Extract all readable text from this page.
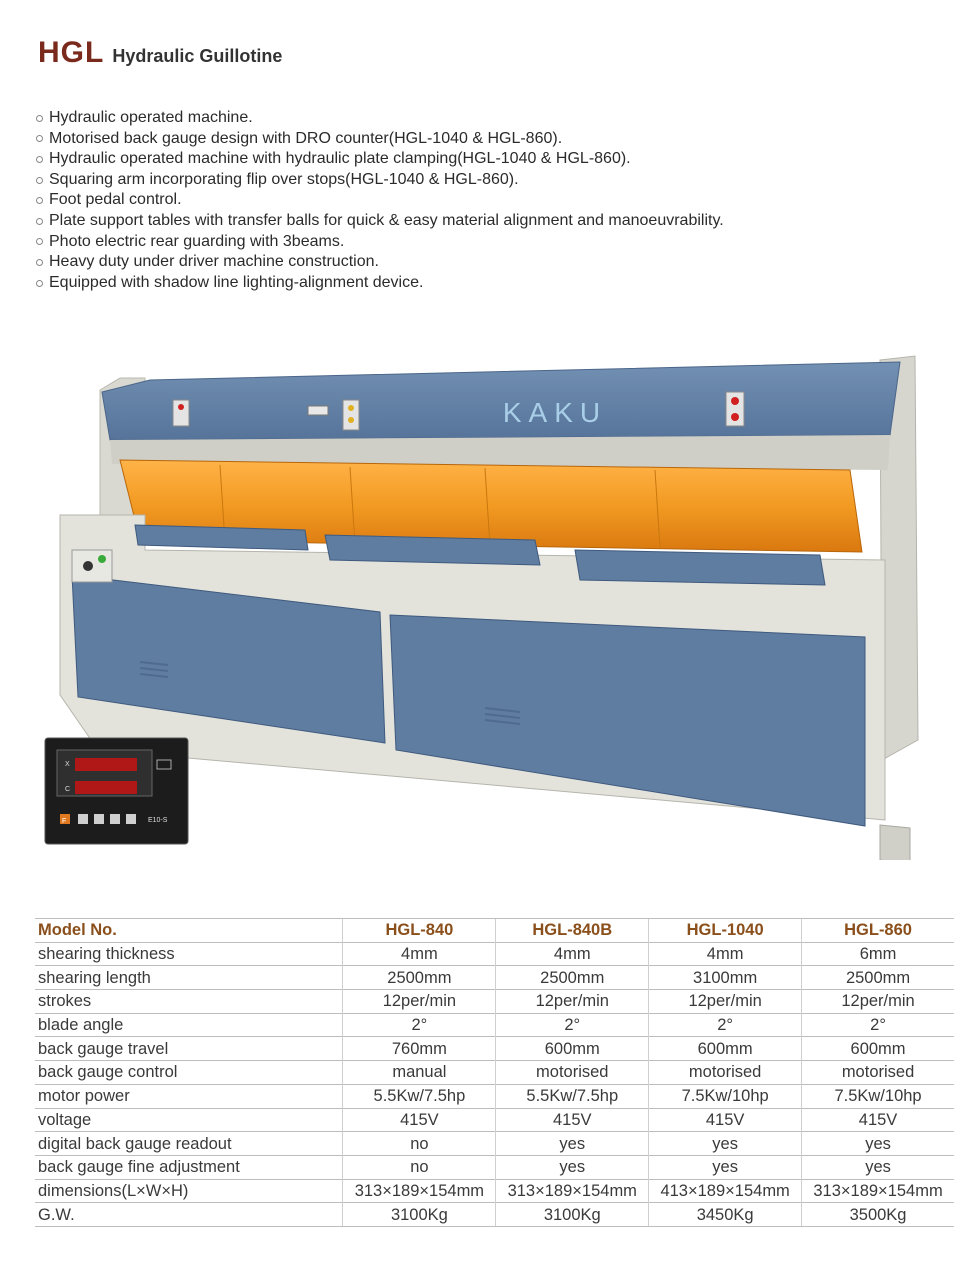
HGL Hydraulic Guillotine
Hydraulic operated machine.
Motorised back gauge design with DRO counter(HGL-1040 & HGL-860).
Hydraulic operated machine with hydraulic plate clamping(HGL-1040 & HGL-860).
Squaring arm incorporating flip over stops(HGL-1040 & HGL-860).
Foot pedal control.
Plate support tables with transfer balls for quick & easy material alignment and manoeuvrability.
Photo electric rear guarding with 3beams.
Heavy duty under driver machine construction.
Equipped with shadow line lighting-alignment device.
KAKU
X
C
F	E10-S
Model No.	HGL-840	HGL-840B	HGL-1040	HGL-860
shearing thickness	4mm	4mm	4mm	6mm
shearing length	2500mm	2500mm	3100mm	2500mm
strokes	12per/min	12per/min	12per/min	12per/min
blade angle	2°	2°	2°	2°
back gauge travel	760mm	600mm	600mm	600mm
back gauge control	manual	motorised	motorised	motorised
motor power	5.5Kw/7.5hp	5.5Kw/7.5hp	7.5Kw/10hp	7.5Kw/10hp
voltage	415V	415V	415V	415V
digital back gauge readout	no	yes	yes	yes
back gauge fine adjustment	no	yes	yes	yes
dimensions(L×W×H)	313×189×154mm	313×189×154mm	413×189×154mm	313×189×154mm
G.W.	3100Kg	3100Kg	3450Kg	3500Kg
